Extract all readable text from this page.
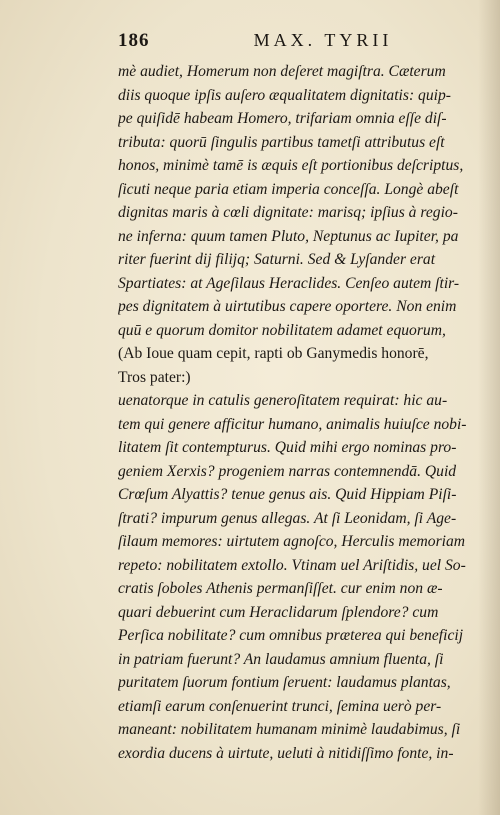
186	MAX. TYRII
mè audiet, Homerum non deſeret magiſtra. Cæterum
diis quoque ipſis auſero æqualitatem dignitatis: quip-
pe quiſidē habeam Homero, trifariam omnia eſſe diſ-
tributa: quorū ſingulis partibus tametſi attributus eſt
honos, minimè tamē is æquis eſt portionibus deſcriptus,
ſicuti neque paria etiam imperia conceſſa. Longè abeſt
dignitas maris à cœli dignitate: marisq; ipſius à regio-
ne inferna: quum tamen Pluto, Neptunus ac Iupiter, pa
riter fuerint dij filijq; Saturni. Sed & Lyſander erat
Spartiates: at Ageſilaus Heraclides. Cenſeo autem ſtir-
pes dignitatem à uirtutibus capere oportere. Non enim
quū e quorum domitor nobilitatem adamet equorum,
(Ab Ioue quam cepit, rapti ob Ganymedis honorē,
Tros pater:)
uenatorque in catulis generoſitatem requirat: hic au-
tem qui genere afficitur humano, animalis huiuſce nobi-
litatem ſit contempturus. Quid mihi ergo nominas pro-
geniem Xerxis? progeniem narras contemnendā. Quid
Crœſum Alyattis? tenue genus ais. Quid Hippiam Piſi-
ſtrati? impurum genus allegas. At ſi Leonidam, ſi Age-
ſilaum memores: uirtutem agnoſco, Herculis memoriam
repeto: nobilitatem extollo. Vtinam uel Ariſtidis, uel So-
cratis ſoboles Athenis permanſiſſet. cur enim non æ-
quari debuerint cum Heraclidarum ſplendore? cum
Perſica nobilitate? cum omnibus præterea qui beneficij
in patriam fuerunt? An laudamus amnium fluenta, ſi
puritatem ſuorum fontium ſeruent: laudamus plantas,
etiamſi earum conſenuerint trunci, ſemina uerò per-
maneant: nobilitatem humanam minimè laudabimus, ſi
exordia ducens à uirtute, ueluti à nitidiſſimo fonte, in-
